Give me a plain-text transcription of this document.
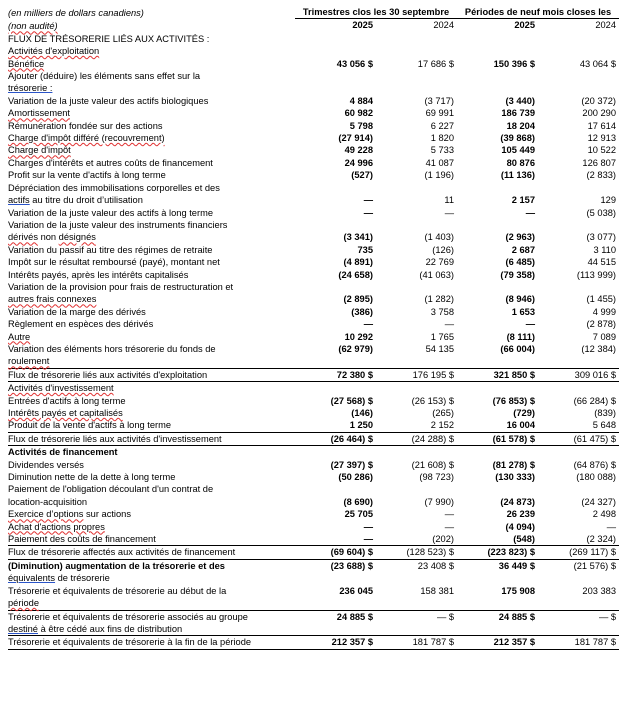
(en milliers de dollars canadiens)	Trimestres clos les 30 septembre		Périodes de neuf mois closes les	
(non audité)	2025	2024	2025	2024
FLUX DE TRÉSORERIE LIÉS AUX ACTIVITÉS :				
Activités d'exploitation				
Bénéfice	43 056 $	17 686 $	150 396 $	43 064 $
Ajouter (déduire) les éléments sans effet sur la				
trésorerie :				
Variation de la juste valeur des actifs biologiques	4 884	(3 717)	(3 440)	(20 372)
Amortissement	60 982	69 991	186 739	200 290
Rémunération fondée sur des actions	5 798	6 227	18 204	17 614
Charge d'impôt différé (recouvrement)	(27 914)	1 820	(39 868)	12 913
Charge d'impôt	49 228	5 733	105 449	10 522
Charges d'intérêts et autres coûts de financement	24 996	41 087	80 876	126 807
Profit sur la vente d'actifs à long terme	(527)	(1 196)	(11 136)	(2 833)
Dépréciation des immobilisations corporelles et des				
actifs au titre du droit d’utilisation	—	11	2 157	129
Variation de la juste valeur des actifs à long terme	—	—	—	(5 038)
Variation de la juste valeur des instruments financiers				
dérivés non désignés	(3 341)	(1 403)	(2 963)	(3 077)
Variation du passif au titre des régimes de retraite	735	(126)	2 687	3 110
Impôt sur le résultat remboursé (payé), montant net	(4 891)	22 769	(6 485)	44 515
Intérêts payés, après les intérêts capitalisés	(24 658)	(41 063)	(79 358)	(113 999)
Variation de la provision pour frais de restructuration et				
autres frais connexes	(2 895)	(1 282)	(8 946)	(1 455)
Variation de la marge des dérivés	(386)	3 758	1 653	4 999
Règlement en espèces des dérivés	—	—	—	(2 878)
Autre	10 292	1 765	(8 111)	7 089
Variation des éléments hors trésorerie du fonds de	(62 979)	54 135	(66 004)	(12 384)
roulement				
Flux de trésorerie liés aux activités d'exploitation	72 380 $	176 195 $	321 850 $	309 016 $
Activités d'investissement				
Entrées d'actifs à long terme	(27 568) $	(26 153) $	(76 853) $	(66 284) $
Intérêts payés et capitalisés	(146)	(265)	(729)	(839)
Produit de la vente d'actifs à long terme	1 250	2 152	16 004	5 648
Flux de trésorerie liés aux activités d'investissement	(26 464) $	(24 288) $	(61 578) $	(61 475) $
Activités de financement				
Dividendes versés	(27 397) $	(21 608) $	(81 278) $	(64 876) $
Diminution nette de la dette à long terme	(50 286)	(98 723)	(130 333)	(180 088)
Paiement de l'obligation découlant d'un contrat de				
location-acquisition	(8 690)	(7 990)	(24 873)	(24 327)
Exercice d’options sur actions	25 705	—	26 239	2 498
Achat d'actions propres	—	—	(4 094)	—
Paiement des coûts de financement	—	(202)	(548)	(2 324)
Flux de trésorerie affectés aux activités de financement	(69 604) $	(128 523) $	(223 823) $	(269 117) $
(Diminution) augmentation de la trésorerie et des	(23 688) $	23 408 $	36 449 $	(21 576) $
équivalents de trésorerie				
Trésorerie et équivalents de trésorerie au début de la	236 045	158 381	175 908	203 383
période				
Trésorerie et équivalents de trésorerie associés au groupe	24 885 $	— $	24 885 $	— $
destiné à être cédé aux fins de distribution				
Trésorerie et équivalents de trésorerie à la fin de la période	212 357 $	181 787 $	212 357 $	181 787 $
